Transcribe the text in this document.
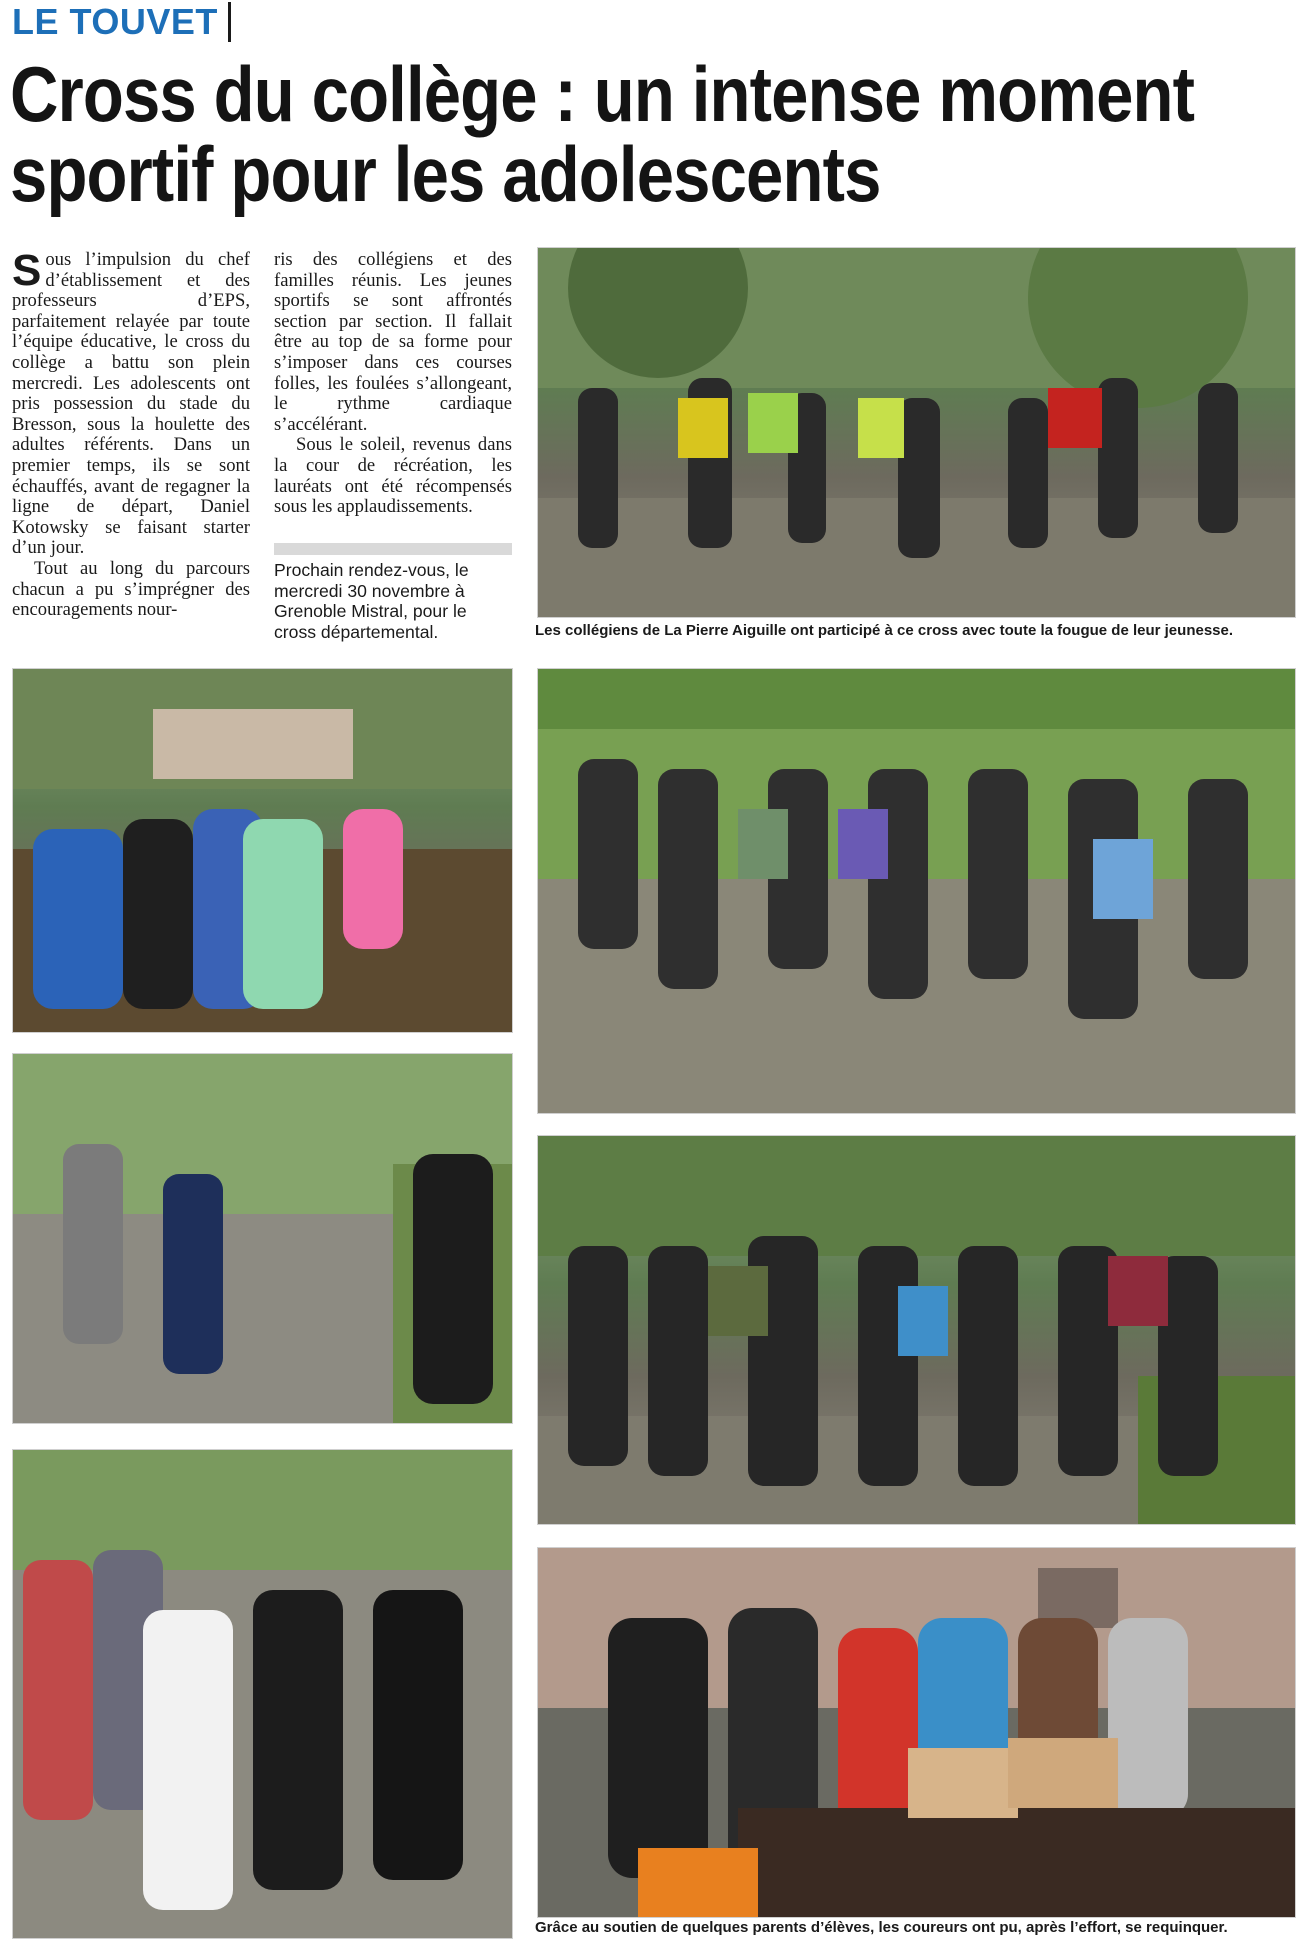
LE TOUVET
Cross du collège : un intense moment
sportif pour les adolescents

Sous l’impulsion du chef d’établissement et des professeurs d’EPS, parfaitement relayée par toute l’équipe éducative, le cross du collège a battu son plein mercredi. Les adolescents ont pris possession du stade du Bresson, sous la houlette des adultes référents. Dans un premier temps, ils se sont échauffés, avant de regagner la ligne de départ, Daniel Kotowsky se faisant starter d’un jour.

Tout au long du parcours chacun a pu s’imprégner des encouragements nour-

ris des collégiens et des familles réunis. Les jeunes sportifs se sont affrontés section par section. Il fallait être au top de sa forme pour s’imposer dans ces courses folles, les foulées s’allongeant, le rythme cardiaque s’accélérant.

Sous le soleil, revenus dans la cour de récréation, les lauréats ont été récompensés sous les applaudissements.

Prochain rendez-vous, le mercredi 30 novembre à Grenoble Mistral, pour le cross départemental.	Les collégiens de La Pierre Aiguille ont participé à ce cross avec toute la fougue de leur jeunesse.
Grâce au soutien de quelques parents d’élèves, les coureurs ont pu, après l’effort, se requinquer.
